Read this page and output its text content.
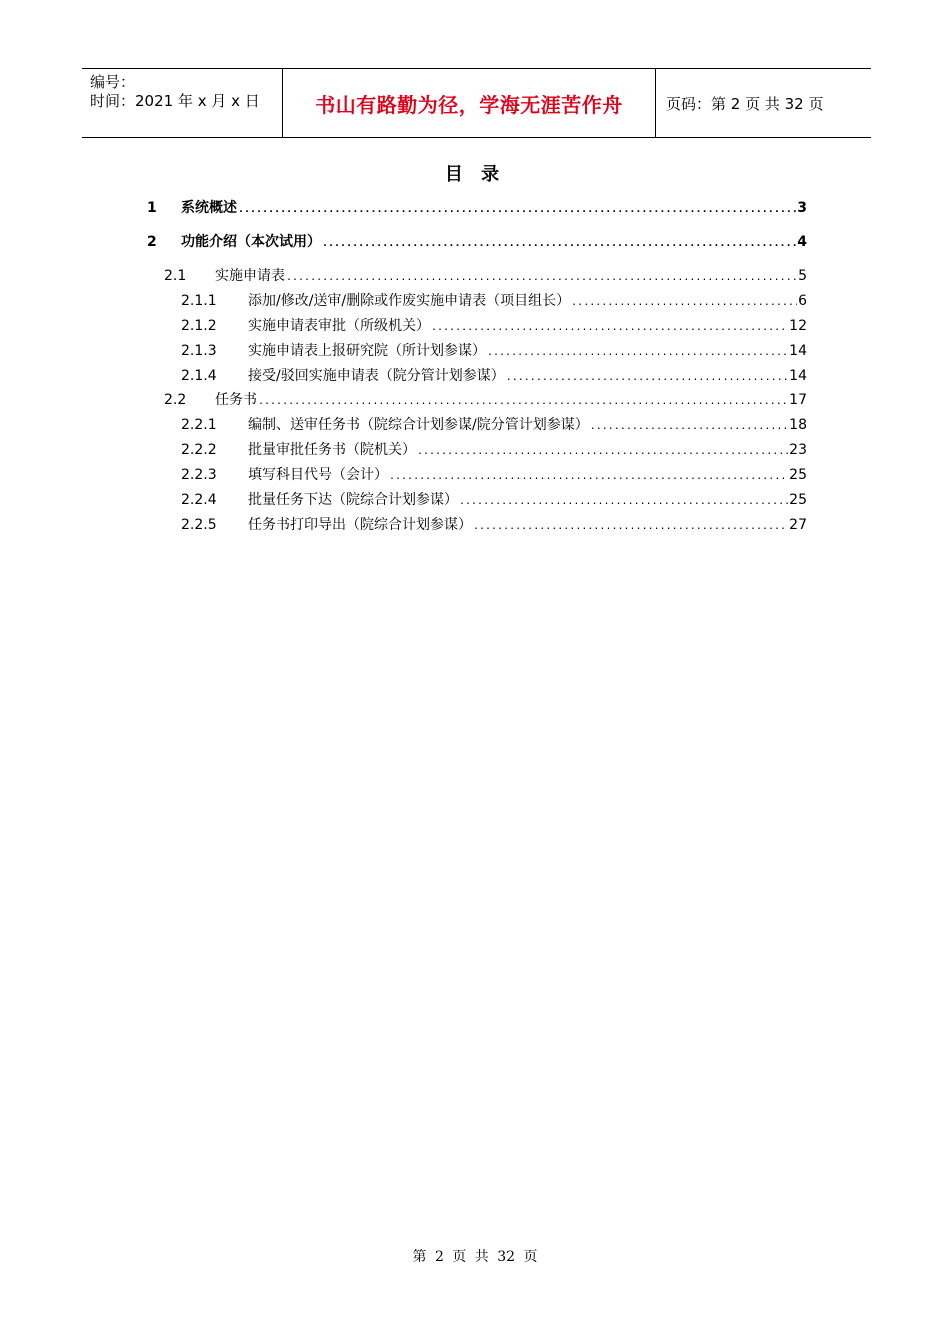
编号：
时间：2021 年 x 月 x 日	书山有路勤为径，学海无涯苦作舟	页码：第 2 页 共 32 页
目 录
1	系统概述 .....	3
2	功能介绍（本次试用） .....	4
2.1	实施申请表 .....	5
2.1.1	添加/修改/送审/删除或作废实施申请表（项目组长） .....	6
2.1.2	实施申请表审批（所级机关） .....	12
2.1.3	实施申请表上报研究院（所计划参谋） .....	14
2.1.4	接受/驳回实施申请表（院分管计划参谋） .....	14
2.2	任务书 .....	17
2.2.1	编制、送审任务书（院综合计划参谋/院分管计划参谋） .....	18
2.2.2	批量审批任务书（院机关） .....	23
2.2.3	填写科目代号（会计） .....	25
2.2.4	批量任务下达（院综合计划参谋） .....	25
2.2.5	任务书打印导出（院综合计划参谋） .....	27
第 2 页 共 32 页
